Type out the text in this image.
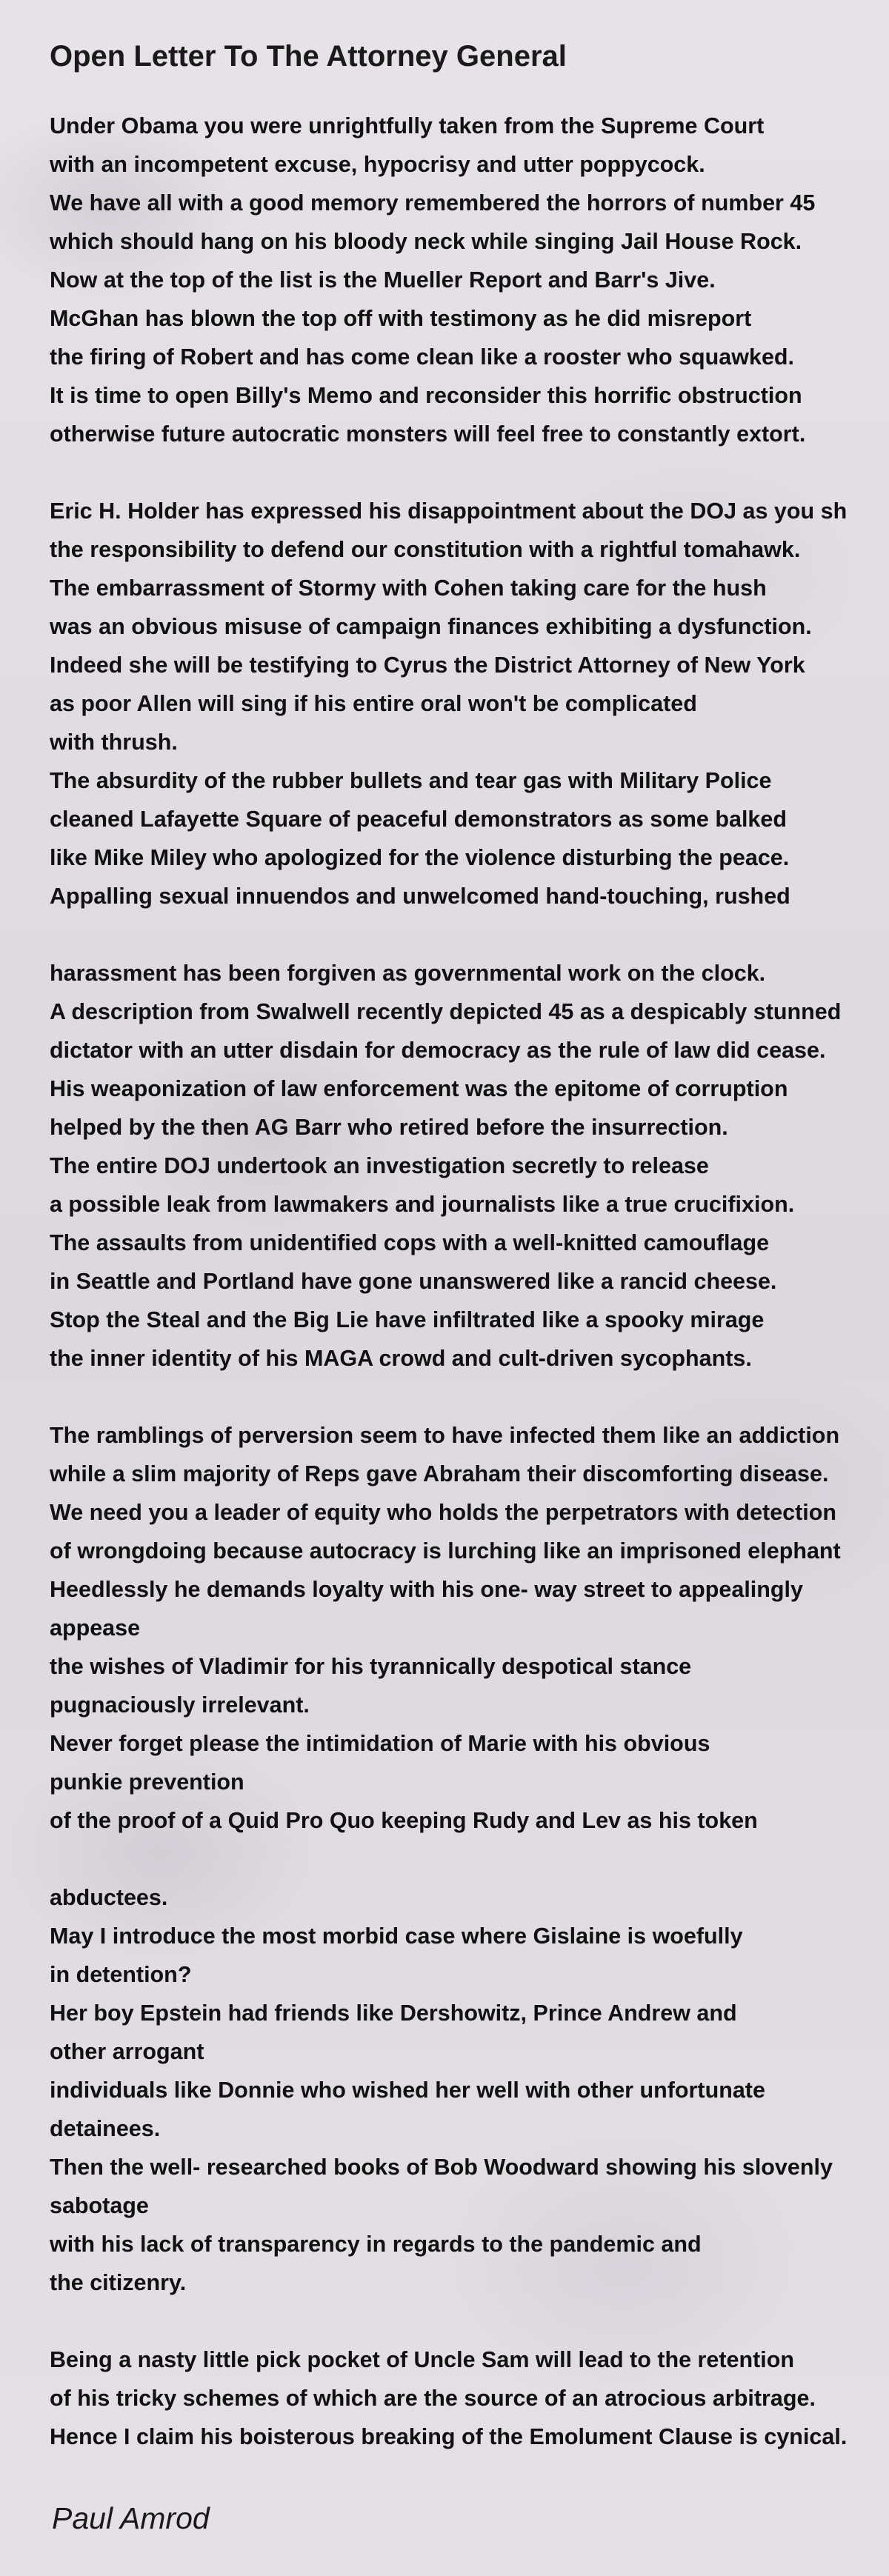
Open Letter To The Attorney General
Under Obama you were unrightfully taken from the Supreme Court
with an incompetent excuse, hypocrisy and utter poppycock.
We have all with a good memory remembered the horrors of number 45
which should hang on his bloody neck while singing Jail House Rock.
Now at the top of the list is the Mueller Report and Barr's Jive.
McGhan has blown the top off with testimony as he did misreport
the firing of Robert and has come clean like a rooster who squawked.
It is time to open Billy's Memo and reconsider this horrific obstruction
otherwise future autocratic monsters will feel free to constantly extort.
Eric H. Holder has expressed his disappointment about the DOJ as you sh
the responsibility to defend our constitution with a rightful tomahawk.
The embarrassment of Stormy with Cohen taking care for the hush
was an obvious misuse of campaign finances exhibiting a dysfunction.
Indeed she will be testifying to Cyrus the District Attorney of New York
as poor Allen will sing if his entire oral won't be complicated
with thrush.
The absurdity of the rubber bullets and tear gas with Military Police
cleaned Lafayette Square of peaceful demonstrators as some balked
like Mike Miley who apologized for the violence disturbing the peace.
Appalling sexual innuendos and unwelcomed hand-touching, rushed
harassment has been forgiven as governmental work on the clock.
A description from Swalwell recently depicted 45 as a despicably stunned
dictator with an utter disdain for democracy as the rule of law did cease.
His weaponization of law enforcement was the epitome of corruption
helped by the then AG Barr who retired before the insurrection.
The entire DOJ undertook an investigation secretly to release
a possible leak from lawmakers and journalists like a true crucifixion.
The assaults from unidentified cops with a well-knitted camouflage
in Seattle and Portland have gone unanswered like a rancid cheese.
Stop the Steal and the Big Lie have infiltrated like a spooky mirage
the inner identity of his MAGA crowd and cult-driven sycophants.
The ramblings of perversion seem to have infected them like an addiction
while a slim majority of Reps gave Abraham their discomforting disease.
We need you a leader of equity who holds the perpetrators with detection
of wrongdoing because autocracy is lurching like an imprisoned elephant
Heedlessly he demands loyalty with his one- way street to appealingly
appease
the wishes of Vladimir for his tyrannically despotical stance
pugnaciously irrelevant.
Never forget please the intimidation of Marie with his obvious
punkie prevention
of the proof of a Quid Pro Quo keeping Rudy and Lev as his token
abductees.
May I introduce the most morbid case where Gislaine is woefully
in detention?
Her boy Epstein had friends like Dershowitz, Prince Andrew and
other arrogant
individuals like Donnie who wished her well with other unfortunate
detainees.
Then the well- researched books of Bob Woodward showing his slovenly
sabotage
with his lack of transparency in regards to the pandemic and
the citizenry.
Being a nasty little pick pocket of Uncle Sam will lead to the retention
of his tricky schemes of which are the source of an atrocious arbitrage.
Hence I claim his boisterous breaking of the Emolument Clause is cynical.
Paul Amrod
